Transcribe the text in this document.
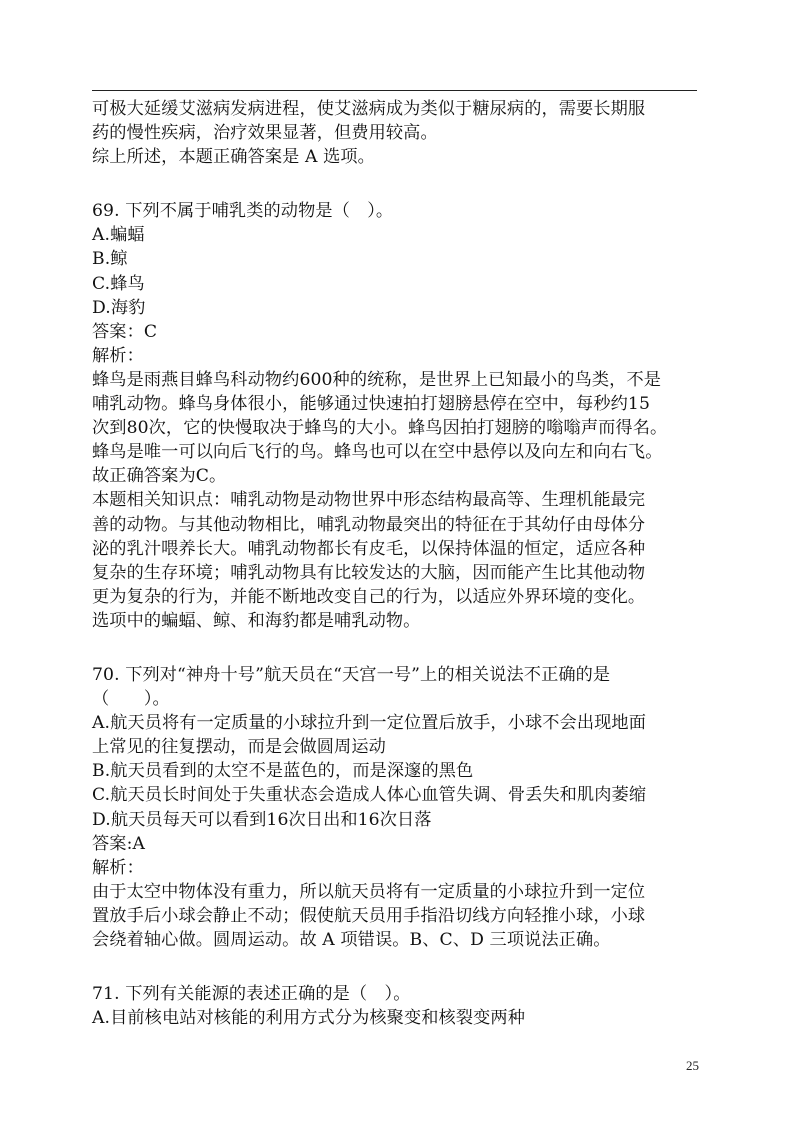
可极大延缓艾滋病发病进程，使艾滋病成为类似于糖尿病的，需要长期服
药的慢性疾病，治疗效果显著，但费用较高。
综上所述，本题正确答案是 A 选项。
69. 下列不属于哺乳类的动物是（　）。
A.蝙蝠
B.鲸
C.蜂鸟
D.海豹
答案：C
解析：
蜂鸟是雨燕目蜂鸟科动物约600种的统称，是世界上已知最小的鸟类，不是
哺乳动物。蜂鸟身体很小，能够通过快速拍打翅膀悬停在空中，每秒约15
次到80次，它的快慢取决于蜂鸟的大小。蜂鸟因拍打翅膀的嗡嗡声而得名。
蜂鸟是唯一可以向后飞行的鸟。蜂鸟也可以在空中悬停以及向左和向右飞。
故正确答案为C。
本题相关知识点：哺乳动物是动物世界中形态结构最高等、生理机能最完
善的动物。与其他动物相比，哺乳动物最突出的特征在于其幼仔由母体分
泌的乳汁喂养长大。哺乳动物都长有皮毛，以保持体温的恒定，适应各种
复杂的生存环境；哺乳动物具有比较发达的大脑，因而能产生比其他动物
更为复杂的行为，并能不断地改变自己的行为，以适应外界环境的变化。
选项中的蝙蝠、鲸、和海豹都是哺乳动物。
70. 下列对“神舟十号”航天员在“天宫一号”上的相关说法不正确的是
（　　）。
A.航天员将有一定质量的小球拉升到一定位置后放手，小球不会出现地面
上常见的往复摆动，而是会做圆周运动
B.航天员看到的太空不是蓝色的，而是深邃的黑色
C.航天员长时间处于失重状态会造成人体心血管失调、骨丢失和肌肉萎缩
D.航天员每天可以看到16次日出和16次日落
答案:A
解析：
由于太空中物体没有重力，所以航天员将有一定质量的小球拉升到一定位
置放手后小球会静止不动；假使航天员用手指沿切线方向轻推小球，小球
会绕着轴心做。圆周运动。故 A 项错误。B、C、D 三项说法正确。
71. 下列有关能源的表述正确的是（　）。
A.目前核电站对核能的利用方式分为核聚变和核裂变两种
25
